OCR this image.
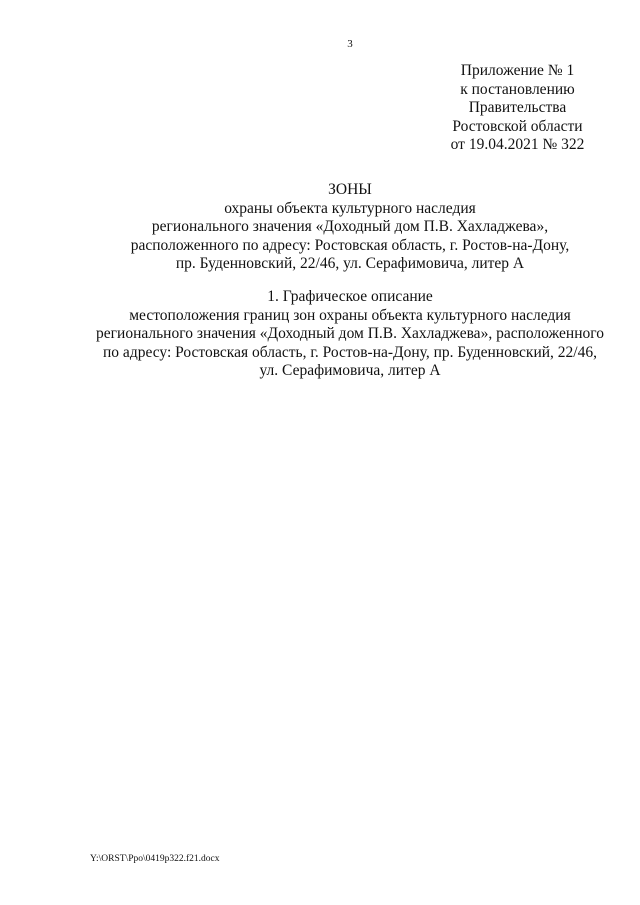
3
Приложение № 1
к постановлению
Правительства
Ростовской области
от 19.04.2021 № 322
ЗОНЫ
охраны объекта культурного наследия
регионального значения «Доходный дом П.В. Хахладжева»,
расположенного по адресу: Ростовская область, г. Ростов-на-Дону,
пр. Буденновский, 22/46, ул. Серафимовича, литер А
1. Графическое описание
местоположения границ зон охраны объекта культурного наследия
регионального значения «Доходный дом П.В. Хахладжева», расположенного
по адресу: Ростовская область, г. Ростов-на-Дону, пр. Буденновский, 22/46,
ул. Серафимовича, литер А
Y:\ORST\Ppo\0419p322.f21.docx
